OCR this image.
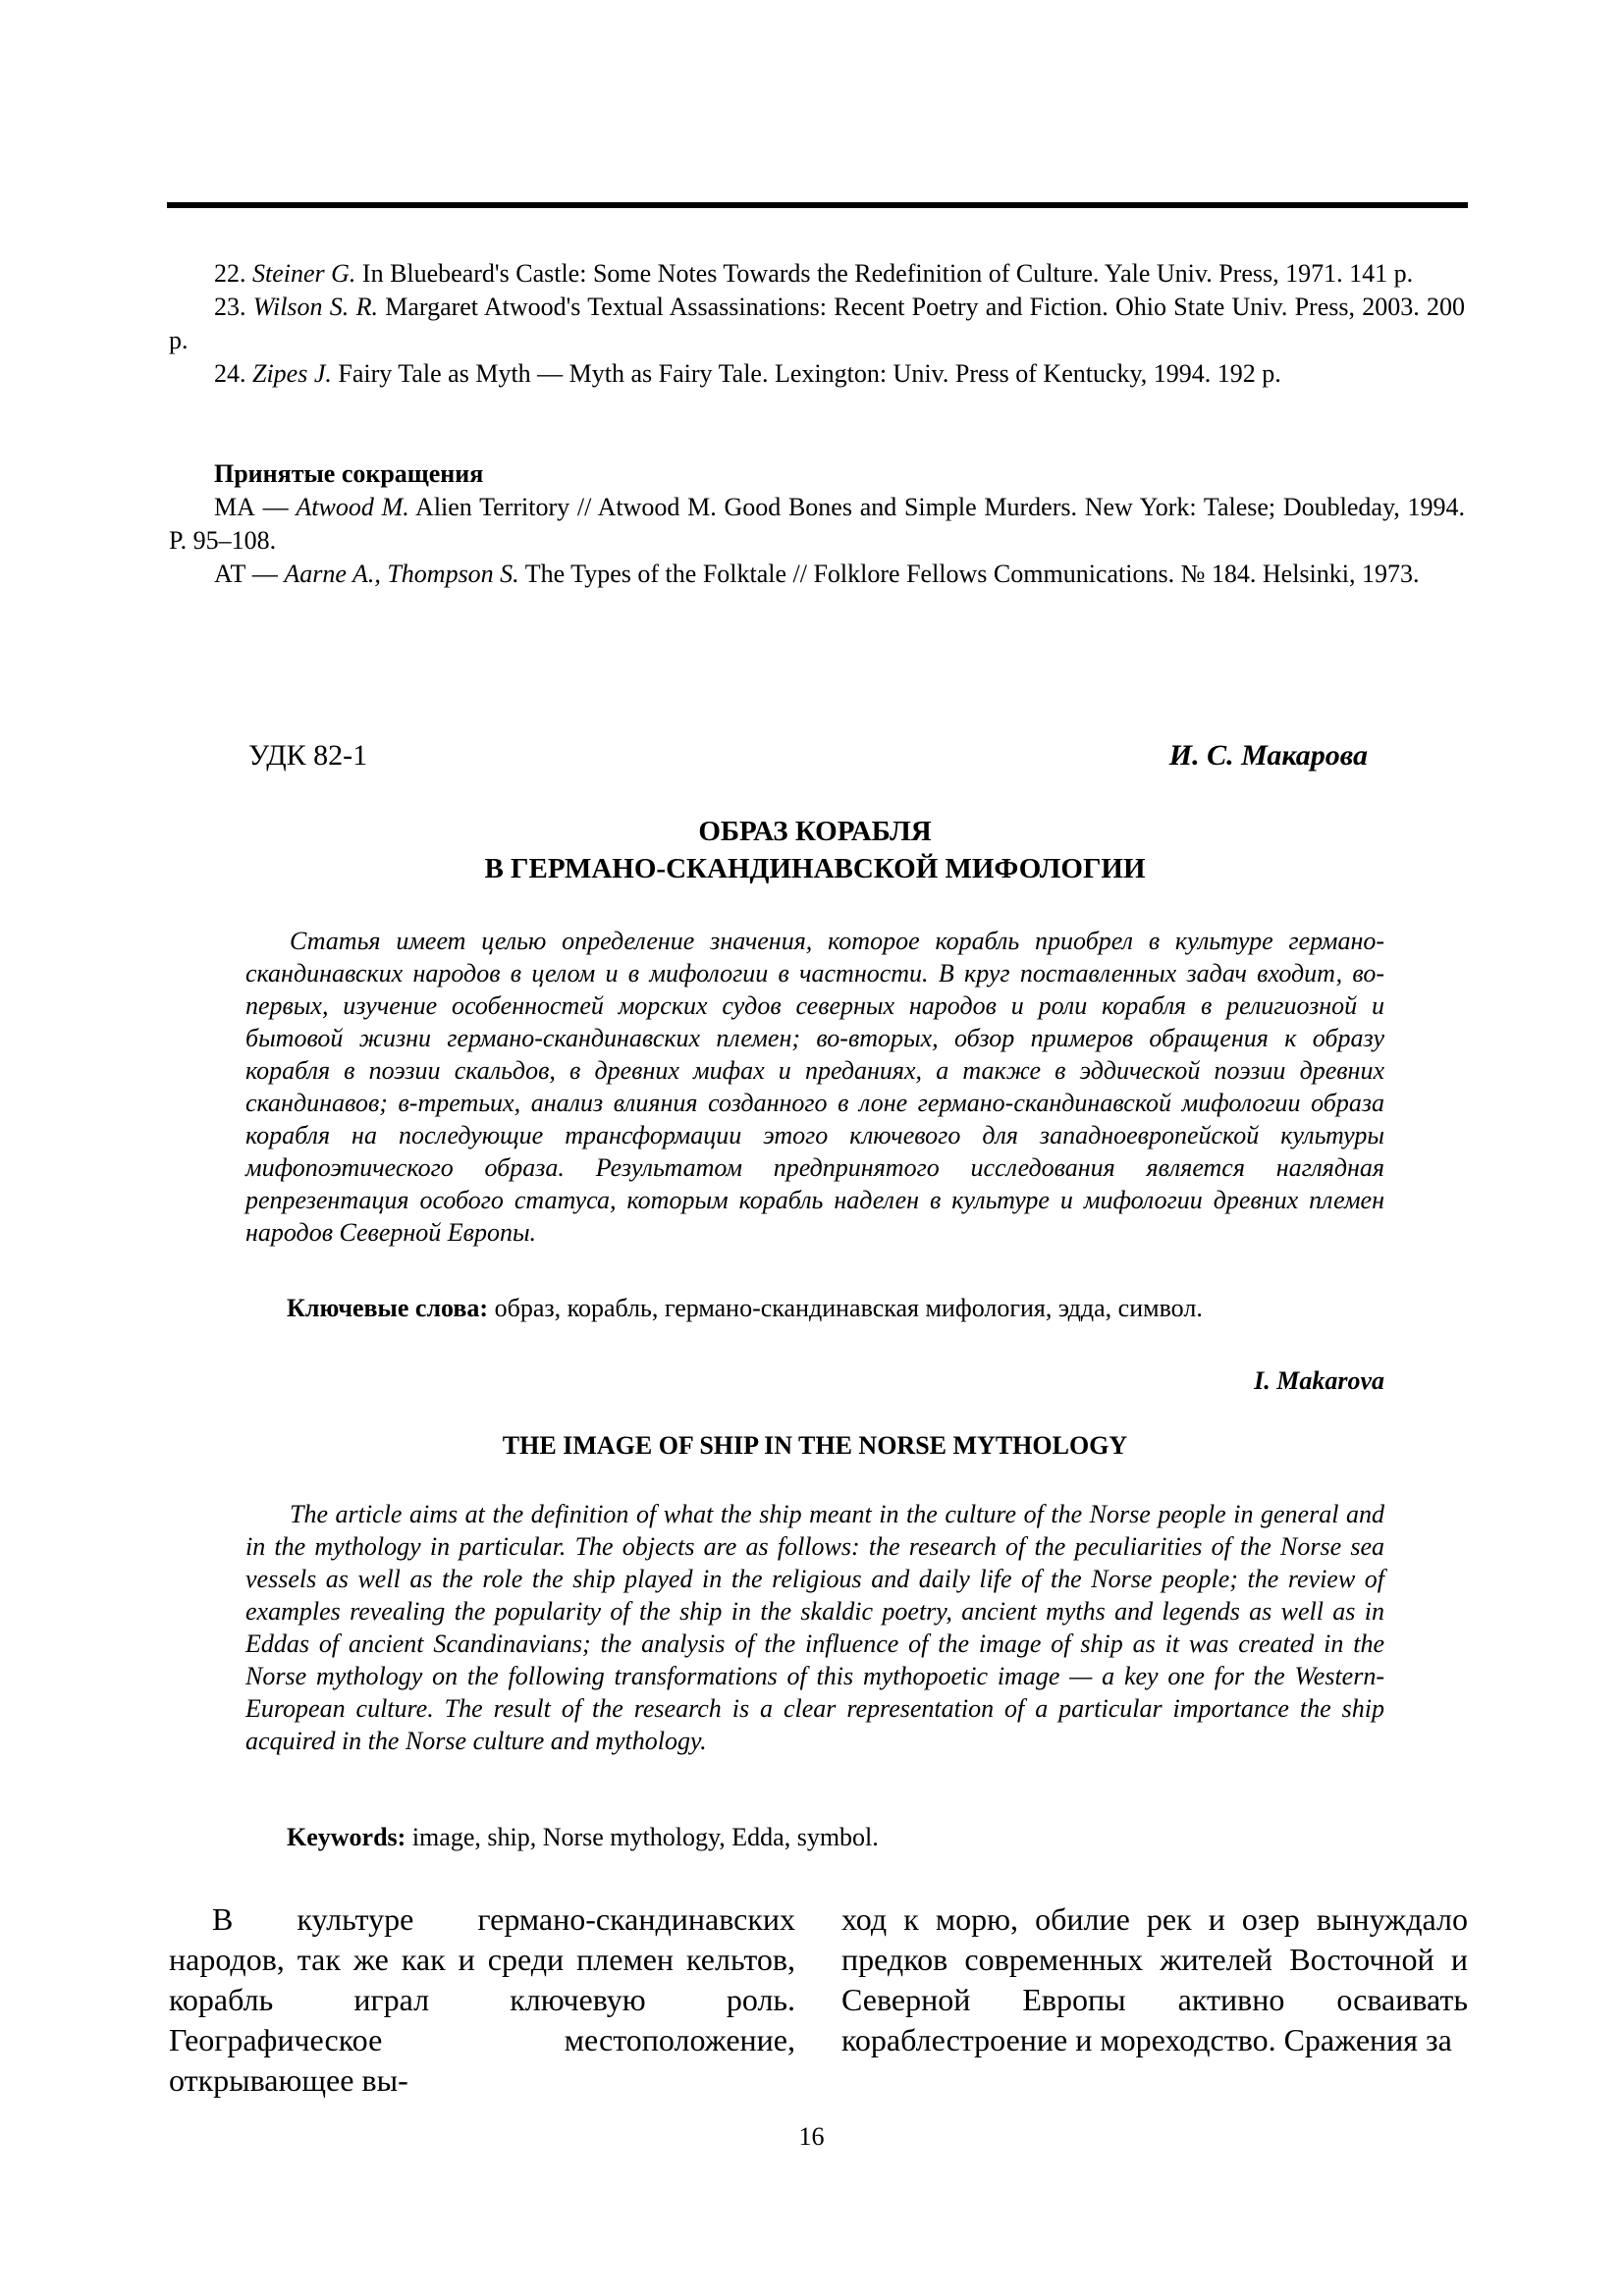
22. Steiner G. In Bluebeard's Castle: Some Notes Towards the Redefinition of Culture. Yale Univ. Press, 1971. 141 p.

23. Wilson S. R. Margaret Atwood's Textual Assassinations: Recent Poetry and Fiction. Ohio State Univ. Press, 2003. 200 p.

24. Zipes J. Fairy Tale as Myth — Myth as Fairy Tale. Lexington: Univ. Press of Kentucky, 1994. 192 p.

Принятые сокращения

МА — Atwood M. Alien Territory // Atwood M. Good Bones and Simple Murders. New York: Talese; Doubleday, 1994. P. 95–108.

АТ — Aarne A., Thompson S. The Types of the Folktale // Folklore Fellows Communications. № 184. Helsinki, 1973.

УДК 82-1	И. С. Макарова
ОБРАЗ КОРАБЛЯ
В ГЕРМАНО-СКАНДИНАВСКОЙ МИФОЛОГИИ

Статья имеет целью определение значения, которое корабль приобрел в культуре германо-скандинавских народов в целом и в мифологии в частности. В круг поставленных задач входит, во-первых, изучение особенностей морских судов северных народов и роли корабля в религиозной и бытовой жизни германо-скандинавских племен; во-вторых, обзор примеров обращения к образу корабля в поэзии скальдов, в древних мифах и преданиях, а также в эддической поэзии древних скандинавов; в-третьих, анализ влияния созданного в лоне германо-скандинавской мифологии образа корабля на последующие трансформации этого ключевого для западноевропейской культуры мифопоэтического образа. Результатом предпринятого исследования является наглядная репрезентация особого статуса, которым корабль наделен в культуре и мифологии древних племен народов Северной Европы.

Ключевые слова: образ, корабль, германо-скандинавская мифология, эдда, символ.

I. Makarova
THE IMAGE OF SHIP IN THE NORSE MYTHOLOGY

The article aims at the definition of what the ship meant in the culture of the Norse people in general and in the mythology in particular. The objects are as follows: the research of the peculiarities of the Norse sea vessels as well as the role the ship played in the religious and daily life of the Norse people; the review of examples revealing the popularity of the ship in the skaldic poetry, ancient myths and legends as well as in Eddas of ancient Scandinavians; the analysis of the influence of the image of ship as it was created in the Norse mythology on the following transformations of this mythopoetic image — a key one for the Western-European culture. The result of the research is a clear representation of a particular importance the ship acquired in the Norse culture and mythology.

Keywords: image, ship, Norse mythology, Edda, symbol.

В культуре германо-скандинавских народов, так же как и среди племен кельтов, корабль играл ключевую роль. Географическое местоположение, открывающее вы-

ход к морю, обилие рек и озер вынуждало предков современных жителей Восточной и Северной Европы активно осваивать кораблестроение и мореходство. Сражения за

16
